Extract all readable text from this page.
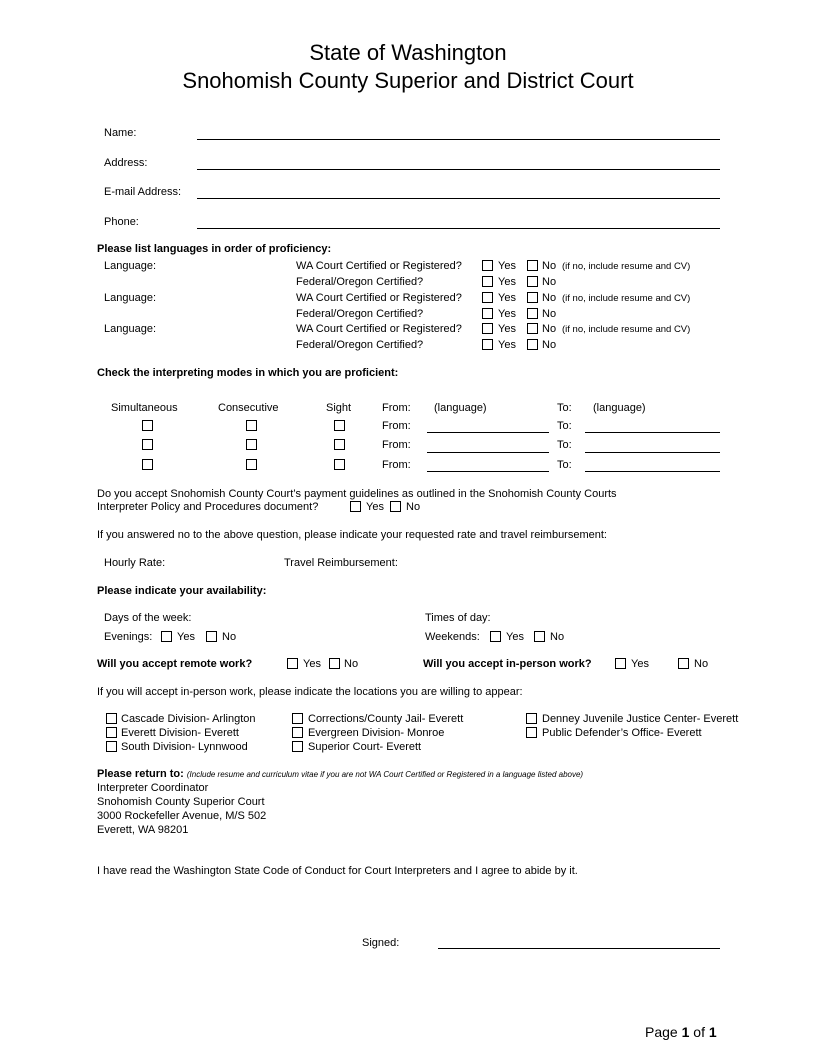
State of Washington
Snohomish County Superior and District Court
Name:
Address:
E-mail Address:
Phone:
Please list languages in order of proficiency:
Language:	WA Court Certified or Registered?	Yes No (if no, include resume and CV)
Federal/Oregon Certified?	Yes No
Language:	WA Court Certified or Registered?	Yes No (if no, include resume and CV)
Federal/Oregon Certified?	Yes No
Language:	WA Court Certified or Registered?	Yes No (if no, include resume and CV)
Federal/Oregon Certified?	Yes No
Check the interpreting modes in which you are proficient:
Simultaneous	Consecutive	Sight	From: (language)	To: (language)
From:	To:
From:	To:
From:	To:
Do you accept Snohomish County Court’s payment guidelines as outlined in the Snohomish County Courts
Interpreter Policy and Procedures document?	Yes No
If you answered no to the above question, please indicate your requested rate and travel reimbursement:
Hourly Rate:	Travel Reimbursement:
Please indicate your availability:
Days of the week:	Times of day:
Evenings: Yes No	Weekends: Yes No
Will you accept remote work?	Yes No	Will you accept in-person work?	Yes	No
If you will accept in-person work, please indicate the locations you are willing to appear:
Cascade Division- Arlington
Everett Division- Everett
South Division- Lynnwood
Corrections/County Jail- Everett
Evergreen Division- Monroe
Superior Court- Everett
Denney Juvenile Justice Center- Everett
Public Defender’s Office- Everett
Please return to: (Include resume and curriculum vitae if you are not WA Court Certified or Registered in a language listed above)
Interpreter Coordinator
Snohomish County Superior Court
3000 Rockefeller Avenue, M/S 502
Everett, WA 98201
I have read the Washington State Code of Conduct for Court Interpreters and I agree to abide by it.
Signed:
Page 1 of 1
